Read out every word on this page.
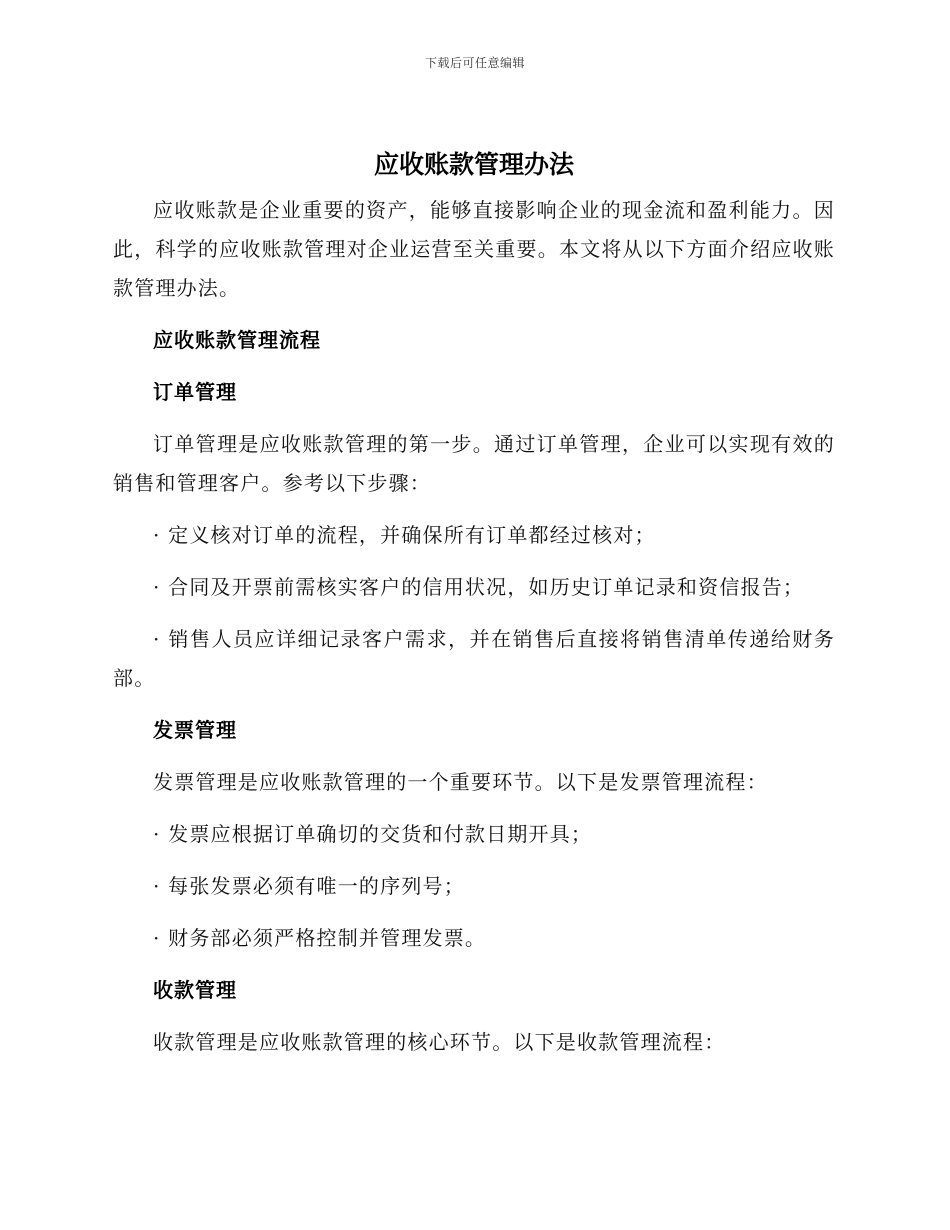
下载后可任意编辑
应收账款管理办法

应收账款是企业重要的资产，能够直接影响企业的现金流和盈利能力。因此，科学的应收账款管理对企业运营至关重要。本文将从以下方面介绍应收账款管理办法。

应收账款管理流程

订单管理

订单管理是应收账款管理的第一步。通过订单管理，企业可以实现有效的销售和管理客户。参考以下步骤：

· 定义核对订单的流程，并确保所有订单都经过核对；

· 合同及开票前需核实客户的信用状况，如历史订单记录和资信报告；

· 销售人员应详细记录客户需求，并在销售后直接将销售清单传递给财务部。

发票管理

发票管理是应收账款管理的一个重要环节。以下是发票管理流程：

· 发票应根据订单确切的交货和付款日期开具；

· 每张发票必须有唯一的序列号；

· 财务部必须严格控制并管理发票。

收款管理

收款管理是应收账款管理的核心环节。以下是收款管理流程：
